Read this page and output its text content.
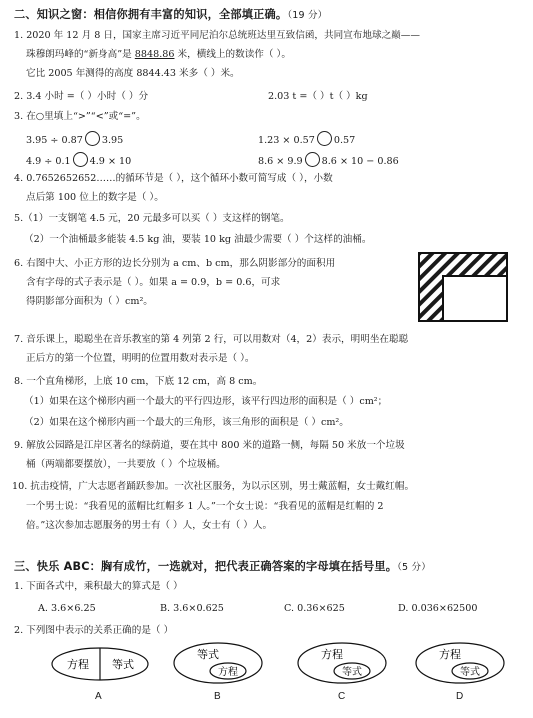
二、知识之窗：相信你拥有丰富的知识，全部填正确。（19 分）
1. 2020 年 12 月 8 日，国家主席习近平同尼泊尔总统班达里互致信函，共同宣布地球之巅——
珠穆朗玛峰的“新身高”是 8848.86 米，横线上的数读作（ ）。
它比 2005 年测得的高度 8844.43 米多（ ）米。
2. 3.4 小时 =（ ）小时（ ）分	2.03 t =（ ）t（ ）kg
3. 在○里填上“>”“<”或“=”。
3.95 ÷ 0.87 3.95	1.23 × 0.57 0.57
4.9 ÷ 0.1 4.9 × 10	8.6 × 9.9 8.6 × 10 − 0.86
4. 0.7652652652……的循环节是（ ），这个循环小数可简写成（ ），小数
点后第 100 位上的数字是（ ）。
5.（1）一支钢笔 4.5 元，20 元最多可以买（ ）支这样的钢笔。
（2）一个油桶最多能装 4.5 kg 油，要装 10 kg 油最少需要（ ）个这样的油桶。
6. 右图中大、小正方形的边长分别为 a cm、b cm，那么阴影部分的面积用
含有字母的式子表示是（ ）。如果 a = 0.9，b = 0.6，可求
得阴影部分面积为（ ）cm²。
7. 音乐课上，聪聪坐在音乐教室的第 4 列第 2 行，可以用数对（4，2）表示，明明坐在聪聪
正后方的第一个位置，明明的位置用数对表示是（ ）。
8. 一个直角梯形，上底 10 cm，下底 12 cm，高 8 cm。
（1）如果在这个梯形内画一个最大的平行四边形，该平行四边形的面积是（ ）cm²；
（2）如果在这个梯形内画一个最大的三角形，该三角形的面积是（ ）cm²。
9. 解放公园路是江岸区著名的绿荫道，要在其中 800 米的道路一侧，每隔 50 米放一个垃圾
桶（两端都要摆放），一共要放（ ）个垃圾桶。
10. 抗击疫情，广大志愿者踊跃参加。一次社区服务，为以示区别，男士戴蓝帽，女士戴红帽。
一个男士说：“我看见的蓝帽比红帽多 1 人。”一个女士说：“我看见的蓝帽是红帽的 2
倍。”这次参加志愿服务的男士有（ ）人，女士有（ ）人。
三、快乐 ABC：胸有成竹，一选就对，把代表正确答案的字母填在括号里。（5 分）
1. 下面各式中，乘积最大的算式是（ ）
A. 3.6×6.25	B. 3.6×0.625	C. 0.36×625	D. 0.036×62500
2. 下列图中表示的关系正确的是（ ）
方程 等式
A
等式
方程
B
方程
等式
C
方程
等式
D
